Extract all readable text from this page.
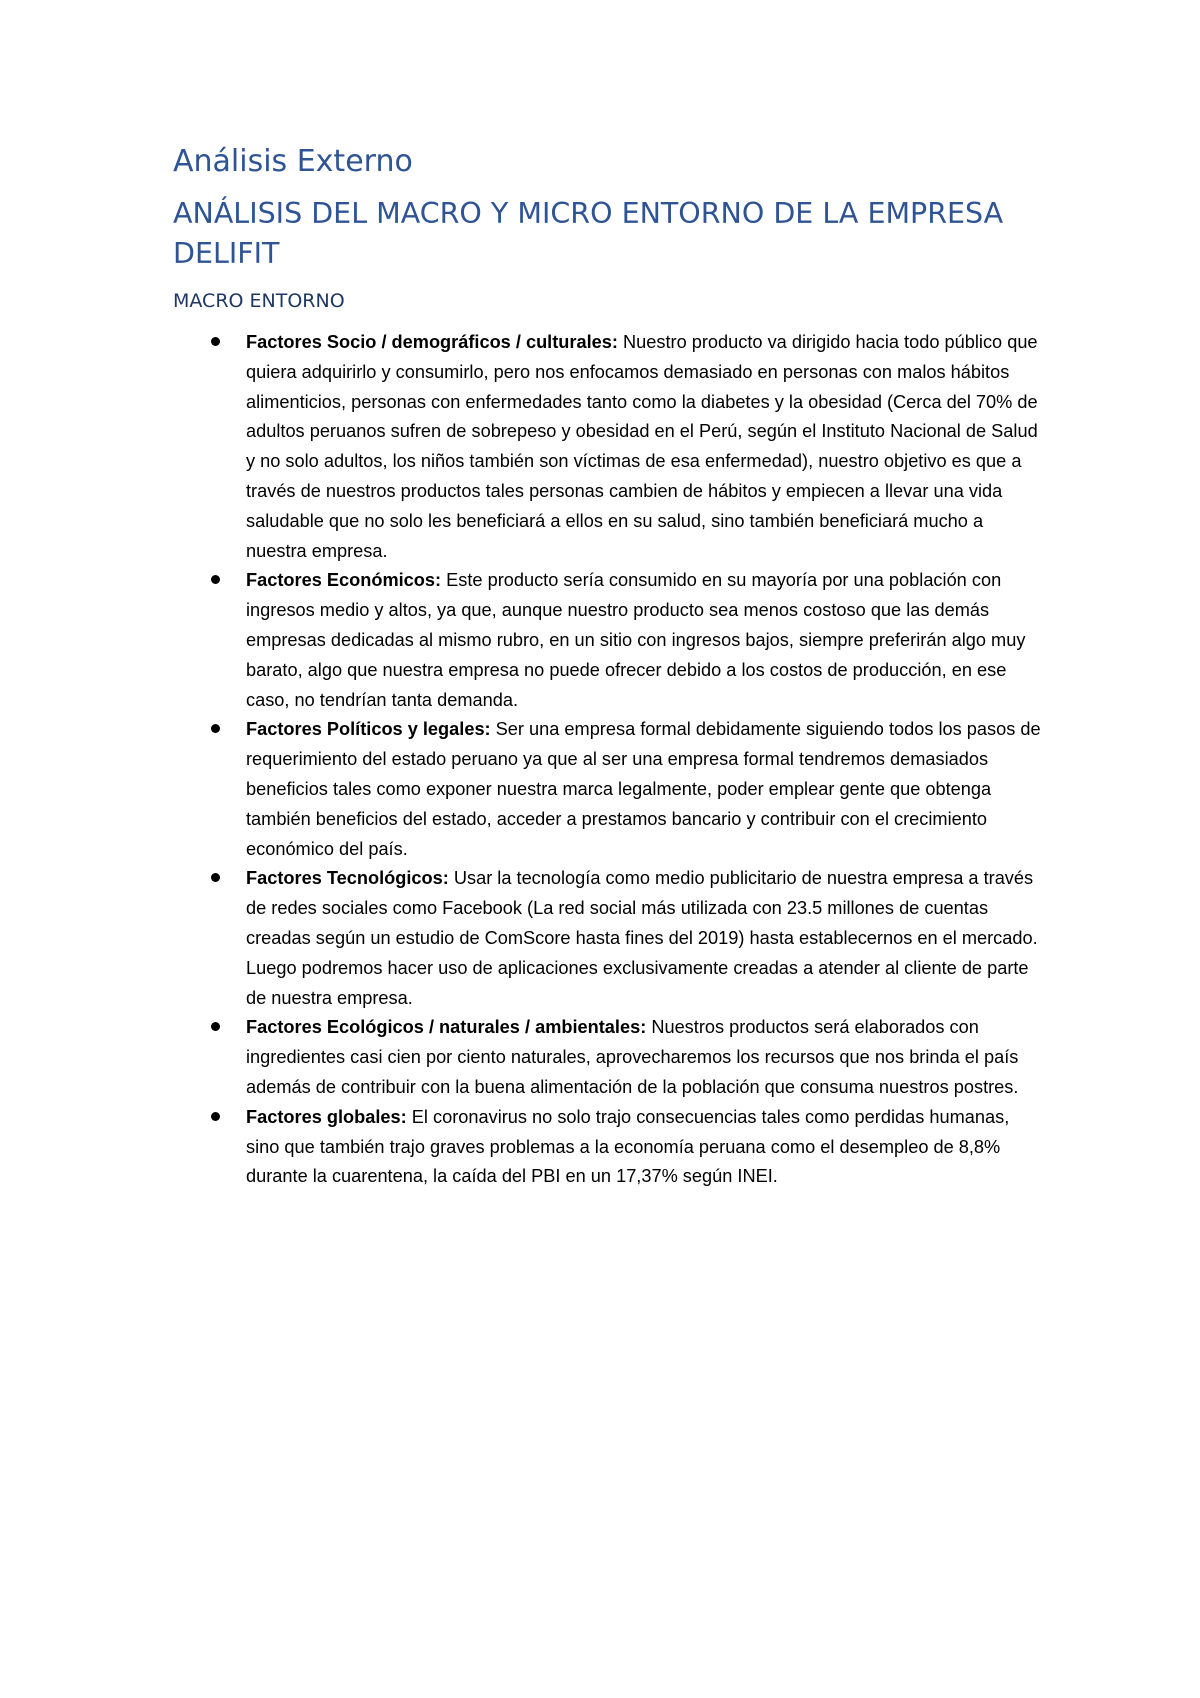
Análisis Externo
ANÁLISIS DEL MACRO Y MICRO ENTORNO DE LA EMPRESA DELIFIT
MACRO ENTORNO
Factores Socio / demográficos / culturales: Nuestro producto va dirigido hacia todo público que quiera adquirirlo y consumirlo, pero nos enfocamos demasiado en personas con malos hábitos alimenticios, personas con enfermedades tanto como la diabetes y la obesidad (Cerca del 70% de adultos peruanos sufren de sobrepeso y obesidad en el Perú, según el Instituto Nacional de Salud y no solo adultos, los niños también son víctimas de esa enfermedad), nuestro objetivo es que a través de nuestros productos tales personas cambien de hábitos y empiecen a llevar una vida saludable que no solo les beneficiará a ellos en su salud, sino también beneficiará mucho a nuestra empresa.
Factores Económicos: Este producto sería consumido en su mayoría por una población con ingresos medio y altos, ya que, aunque nuestro producto sea menos costoso que las demás empresas dedicadas al mismo rubro, en un sitio con ingresos bajos, siempre preferirán algo muy barato, algo que nuestra empresa no puede ofrecer debido a los costos de producción, en ese caso, no tendrían tanta demanda.
Factores Políticos y legales: Ser una empresa formal debidamente siguiendo todos los pasos de requerimiento del estado peruano ya que al ser una empresa formal tendremos demasiados beneficios tales como exponer nuestra marca legalmente, poder emplear gente que obtenga también beneficios del estado, acceder a prestamos bancario y contribuir con el crecimiento económico del país.
Factores Tecnológicos: Usar la tecnología como medio publicitario de nuestra empresa a través de redes sociales como Facebook (La red social más utilizada con 23.5 millones de cuentas creadas según un estudio de ComScore hasta fines del 2019) hasta establecernos en el mercado. Luego podremos hacer uso de aplicaciones exclusivamente creadas a atender al cliente de parte de nuestra empresa.
Factores Ecológicos / naturales / ambientales: Nuestros productos será elaborados con ingredientes casi cien por ciento naturales, aprovecharemos los recursos que nos brinda el país además de contribuir con la buena alimentación de la población que consuma nuestros postres.
Factores globales: El coronavirus no solo trajo consecuencias tales como perdidas humanas, sino que también trajo graves problemas a la economía peruana como el desempleo de 8,8% durante la cuarentena, la caída del PBI en un 17,37% según INEI.
